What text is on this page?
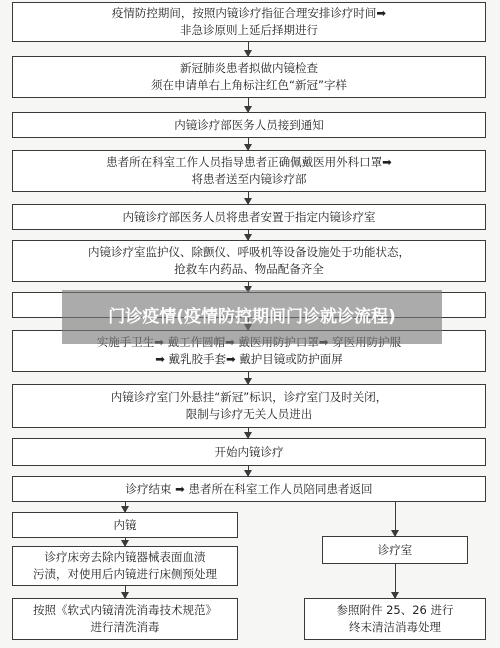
疫情防控期间，按照内镜诊疗指征合理安排诊疗时间➡
非急诊原则上延后择期进行
新冠肺炎患者拟做内镜检查
须在申请单右上角标注红色“新冠”字样
内镜诊疗部医务人员接到通知
患者所在科室工作人员指导患者正确佩戴医用外科口罩➡
将患者送至内镜诊疗部
内镜诊疗部医务人员将患者安置于指定内镜诊疗室
内镜诊疗室监护仪、除颤仪、呼吸机等设备设施处于功能状态，
抢救车内药品、物品配备齐全
➡ 戴乳胶手套➡ 戴护目镜或防护面屏
内镜诊疗室门外悬挂“新冠”标识，诊疗室门及时关闭，
限制与诊疗无关人员进出
开始内镜诊疗
诊疗结束 ➡ 患者所在科室工作人员陪同患者返回
内镜
诊疗床旁去除内镜器械表面血渍
污渍，对使用后内镜进行床侧预处理
按照《软式内镜清洗消毒技术规范》
进行清洗消毒
诊疗室
参照附件 25、26 进行
终末清洁消毒处理
门诊疫情(疫情防控期间门诊就诊流程)
